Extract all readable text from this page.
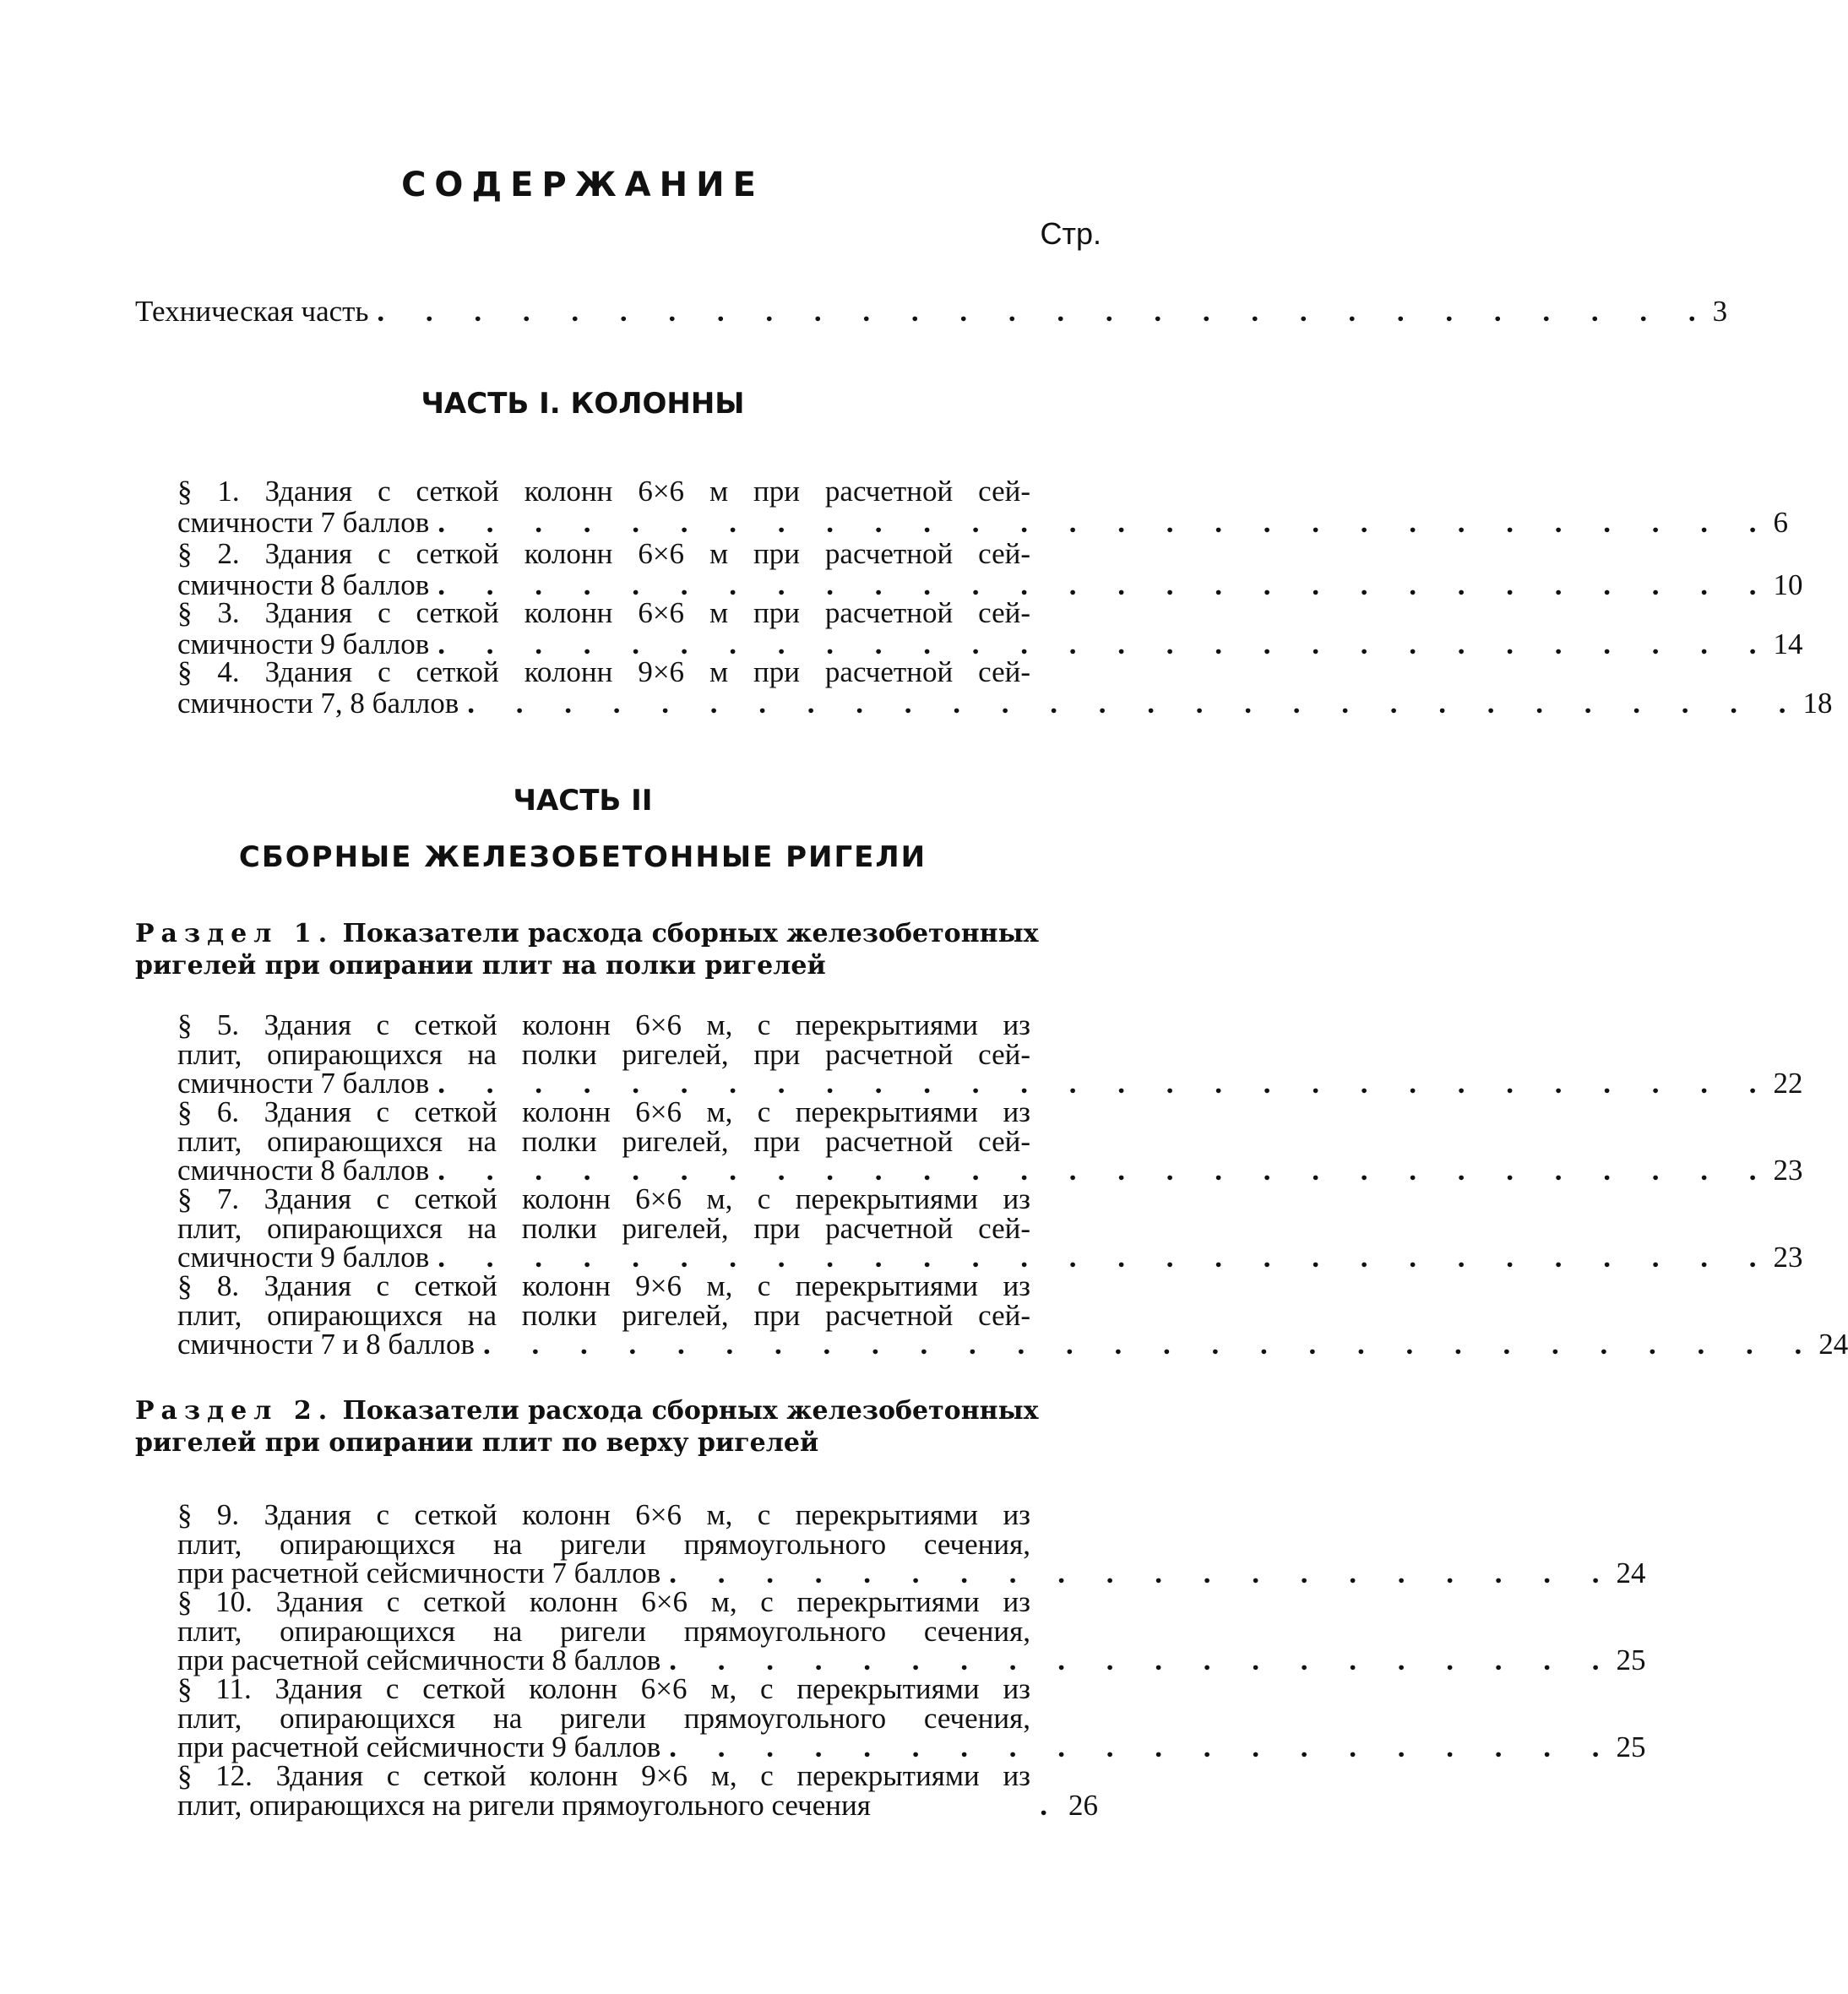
СОДЕРЖАНИЕ
Стр.
Техническая часть . . . . . . . . . . . . . . . . . . . . . . . . . . . . 3
ЧАСТЬ I. КОЛОННЫ
§ 1. Здания с сеткой колонн 6×6 м при расчетной сей-
смичности 7 баллов . . . . . . . . . . . . . . . . . . . . . . . . . . . . 6
§ 2. Здания с сеткой колонн 6×6 м при расчетной сей-
смичности 8 баллов . . . . . . . . . . . . . . . . . . . . . . . . . . . . 10
§ 3. Здания с сеткой колонн 6×6 м при расчетной сей-
смичности 9 баллов . . . . . . . . . . . . . . . . . . . . . . . . . . . . 14
§ 4. Здания с сеткой колонн 9×6 м при расчетной сей-
смичности 7, 8 баллов . . . . . . . . . . . . . . . . . . . . . . . . . . . . 18
ЧАСТЬ II
СБОРНЫЕ ЖЕЛЕЗОБЕТОННЫЕ РИГЕЛИ
Раздел 1. Показатели расхода сборных железобетонных
ригелей при опирании плит на полки ригелей
§ 5. Здания с сеткой колонн 6×6 м, с перекрытиями из
плит, опирающихся на полки ригелей, при расчетной сей-
смичности 7 баллов . . . . . . . . . . . . . . . . . . . . . . . . . . . . 22
§ 6. Здания с сеткой колонн 6×6 м, с перекрытиями из
плит, опирающихся на полки ригелей, при расчетной сей-
смичности 8 баллов . . . . . . . . . . . . . . . . . . . . . . . . . . . . 23
§ 7. Здания с сеткой колонн 6×6 м, с перекрытиями из
плит, опирающихся на полки ригелей, при расчетной сей-
смичности 9 баллов . . . . . . . . . . . . . . . . . . . . . . . . . . . . 23
§ 8. Здания с сеткой колонн 9×6 м, с перекрытиями из
плит, опирающихся на полки ригелей, при расчетной сей-
смичности 7 и 8 баллов . . . . . . . . . . . . . . . . . . . . . . . . . . . . 24
Раздел 2. Показатели расхода сборных железобетонных
ригелей при опирании плит по верху ригелей
§ 9. Здания с сеткой колонн 6×6 м, с перекрытиями из
плит, опирающихся на ригели прямоугольного сечения,
при расчетной сейсмичности 7 баллов . . . . . . . . . . . . . . . . . . . . 24
§ 10. Здания с сеткой колонн 6×6 м, с перекрытиями из
плит, опирающихся на ригели прямоугольного сечения,
при расчетной сейсмичности 8 баллов . . . . . . . . . . . . . . . . . . . . 25
§ 11. Здания с сеткой колонн 6×6 м, с перекрытиями из
плит, опирающихся на ригели прямоугольного сечения,
при расчетной сейсмичности 9 баллов . . . . . . . . . . . . . . . . . . . . 25
§ 12. Здания с сеткой колонн 9×6 м, с перекрытиями из
плит, опирающихся на ригели прямоугольного сечения	. 26
